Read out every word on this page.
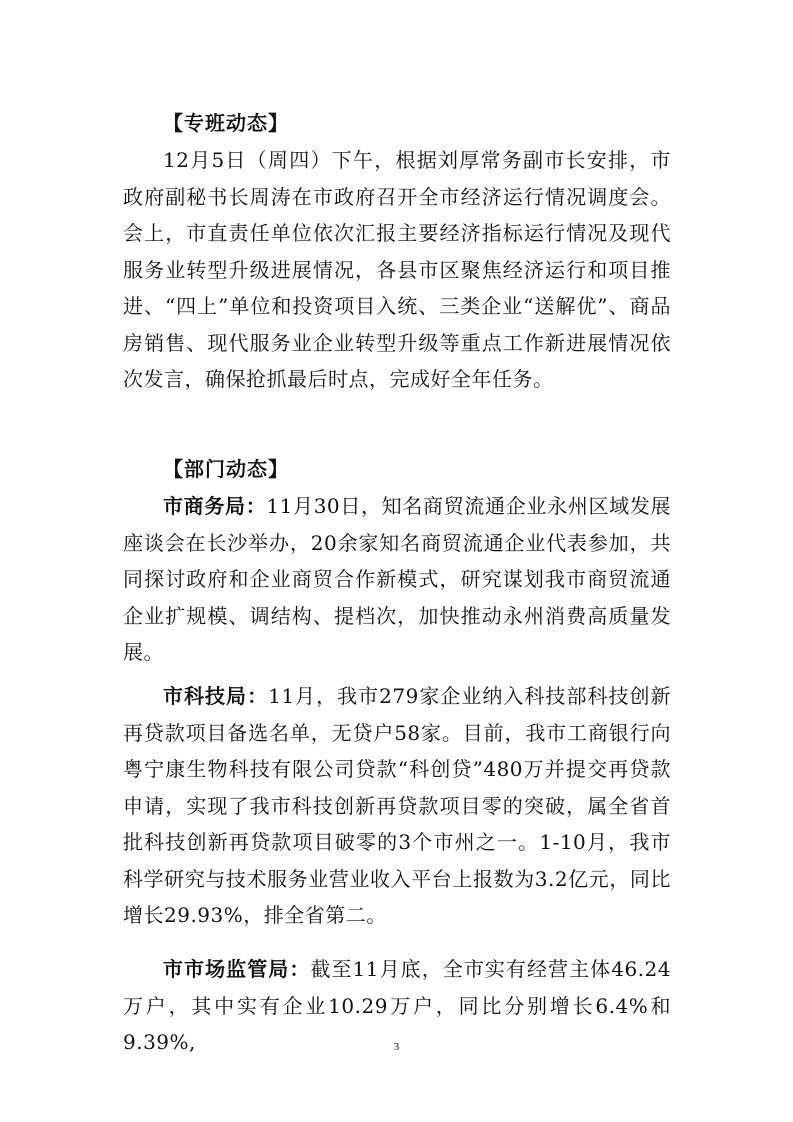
【专班动态】

12月5日（周四）下午，根据刘厚常务副市长安排，市政府副秘书长周涛在市政府召开全市经济运行情况调度会。会上，市直责任单位依次汇报主要经济指标运行情况及现代服务业转型升级进展情况，各县市区聚焦经济运行和项目推进、“四上”单位和投资项目入统、三类企业“送解优”、商品房销售、现代服务业企业转型升级等重点工作新进展情况依次发言，确保抢抓最后时点，完成好全年任务。

【部门动态】

市商务局：11月30日，知名商贸流通企业永州区域发展座谈会在长沙举办，20余家知名商贸流通企业代表参加，共同探讨政府和企业商贸合作新模式，研究谋划我市商贸流通企业扩规模、调结构、提档次，加快推动永州消费高质量发展。

市科技局：11月，我市279家企业纳入科技部科技创新再贷款项目备选名单，无贷户58家。目前，我市工商银行向粤宁康生物科技有限公司贷款“科创贷”480万并提交再贷款申请，实现了我市科技创新再贷款项目零的突破，属全省首批科技创新再贷款项目破零的3个市州之一。1-10月，我市科学研究与技术服务业营业收入平台上报数为3.2亿元，同比增长29.93%，排全省第二。

市市场监管局：截至11月底，全市实有经营主体46.24万户，其中实有企业10.29万户，同比分别增长6.4%和9.39%,	3
